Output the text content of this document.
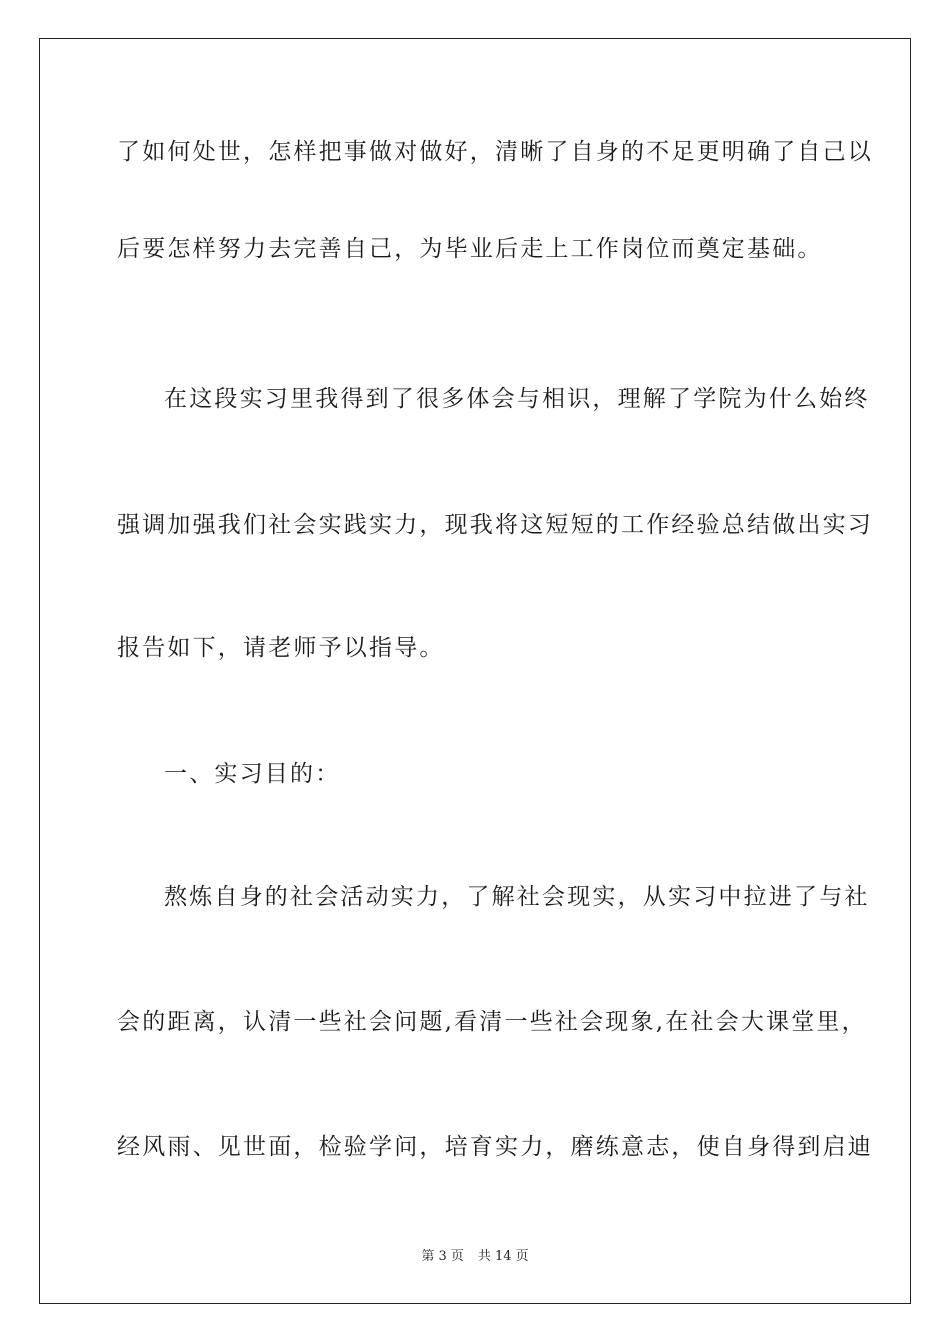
了如何处世，怎样把事做对做好，清晰了自身的不足更明确了自己以
后要怎样努力去完善自己，为毕业后走上工作岗位而奠定基础。
在这段实习里我得到了很多体会与相识，理解了学院为什么始终
强调加强我们社会实践实力，现我将这短短的工作经验总结做出实习
报告如下，请老师予以指导。
一、实习目的：
熬炼自身的社会活动实力，了解社会现实，从实习中拉进了与社
会的距离，认清一些社会问题,看清一些社会现象,在社会大课堂里，
经风雨、见世面，检验学问，培育实力，磨练意志，使自身得到启迪
第 3 页 共 14 页
